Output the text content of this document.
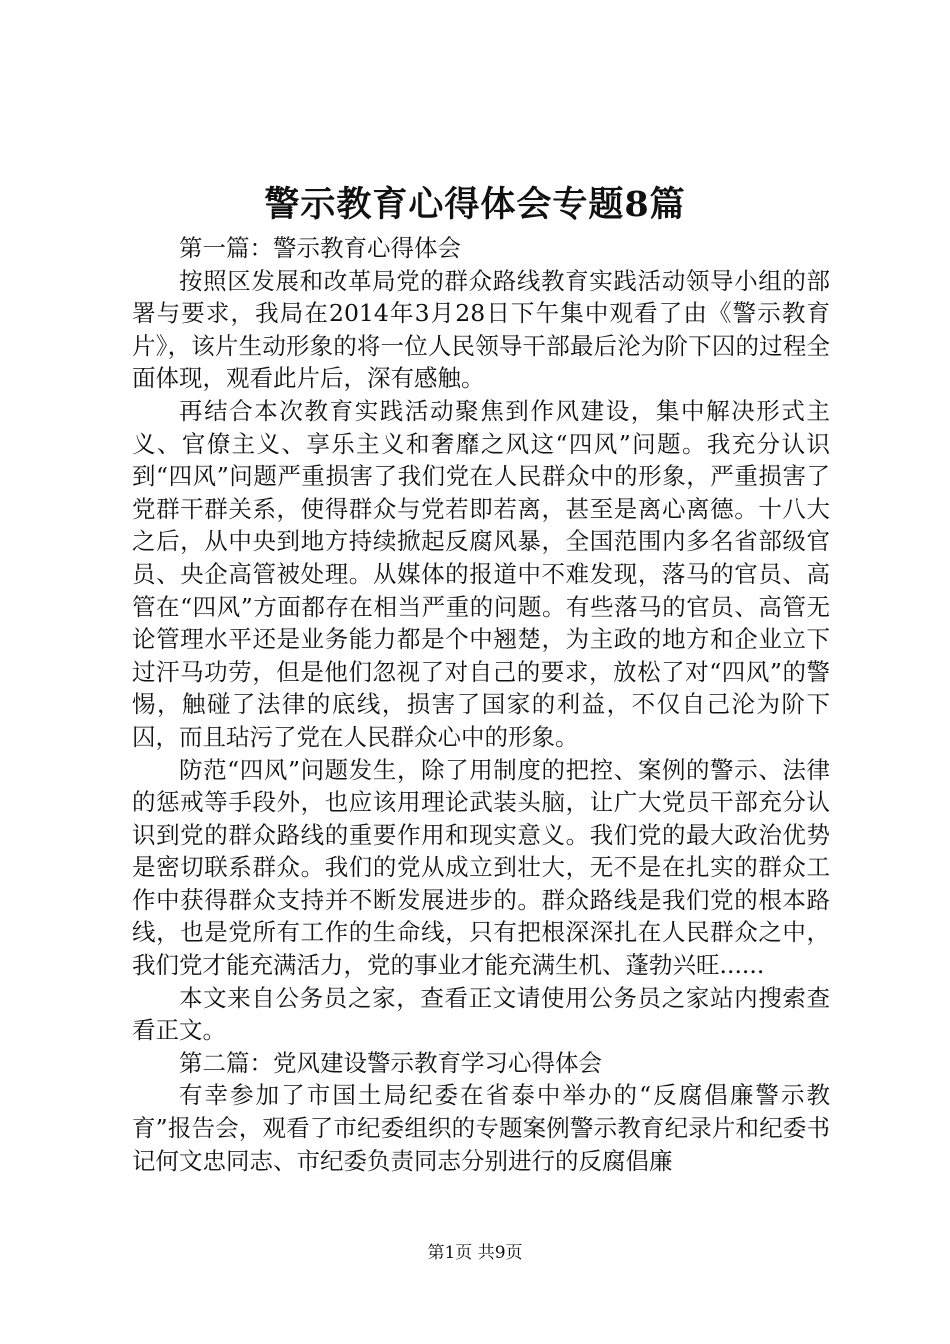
警示教育心得体会专题8篇

第一篇：警示教育心得体会

按照区发展和改革局党的群众路线教育实践活动领导小组的部署与要求，我局在2014年3月28日下午集中观看了由《警示教育片》，该片生动形象的将一位人民领导干部最后沦为阶下囚的过程全面体现，观看此片后，深有感触。

再结合本次教育实践活动聚焦到作风建设，集中解决形式主义、官僚主义、享乐主义和奢靡之风这“四风”问题。我充分认识到“四风”问题严重损害了我们党在人民群众中的形象，严重损害了党群干群关系，使得群众与党若即若离，甚至是离心离德。十八大之后，从中央到地方持续掀起反腐风暴，全国范围内多名省部级官员、央企高管被处理。从媒体的报道中不难发现，落马的官员、高管在“四风”方面都存在相当严重的问题。有些落马的官员、高管无论管理水平还是业务能力都是个中翘楚，为主政的地方和企业立下过汗马功劳，但是他们忽视了对自己的要求，放松了对“四风”的警惕，触碰了法律的底线，损害了国家的利益，不仅自己沦为阶下囚，而且玷污了党在人民群众心中的形象。

防范“四风”问题发生，除了用制度的把控、案例的警示、法律的惩戒等手段外，也应该用理论武装头脑，让广大党员干部充分认识到党的群众路线的重要作用和现实意义。我们党的最大政治优势是密切联系群众。我们的党从成立到壮大，无不是在扎实的群众工作中获得群众支持并不断发展进步的。群众路线是我们党的根本路线，也是党所有工作的生命线，只有把根深深扎在人民群众之中，我们党才能充满活力，党的事业才能充满生机、蓬勃兴旺......

本文来自公务员之家，查看正文请使用公务员之家站内搜索查看正文。

第二篇：党风建设警示教育学习心得体会

有幸参加了市国土局纪委在省泰中举办的“反腐倡廉警示教育”报告会，观看了市纪委组织的专题案例警示教育纪录片和纪委书记何文忠同志、市纪委负责同志分别进行的反腐倡廉

第1页 共9页
